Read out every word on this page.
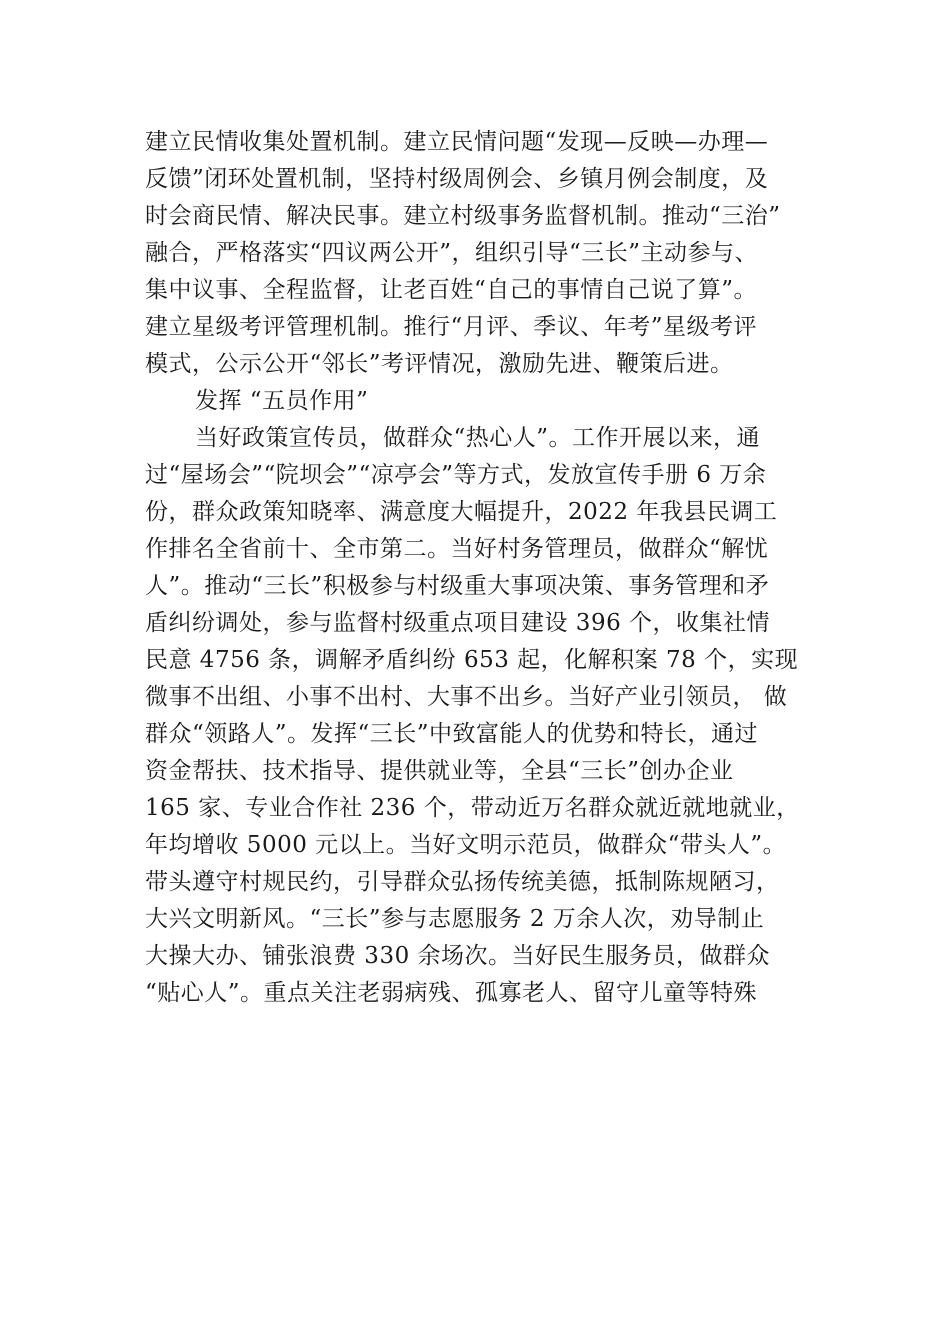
建立民情收集处置机制。建立民情问题“发现—反映—办理—
反馈”闭环处置机制，坚持村级周例会、乡镇月例会制度，及
时会商民情、解决民事。建立村级事务监督机制。推动“三治”
融合，严格落实“四议两公开”，组织引导“三长”主动参与、
集中议事、全程监督，让老百姓“自己的事情自己说了算”。
建立星级考评管理机制。推行“月评、季议、年考”星级考评
模式，公示公开“邻长”考评情况，激励先进、鞭策后进。
发挥 “五员作用”
当好政策宣传员，做群众“热心人”。工作开展以来，通
过“屋场会”“院坝会”“凉亭会”等方式，发放宣传手册 6 万余
份，群众政策知晓率、满意度大幅提升，2022 年我县民调工
作排名全省前十、全市第二。当好村务管理员，做群众“解忧
人”。推动“三长”积极参与村级重大事项决策、事务管理和矛
盾纠纷调处，参与监督村级重点项目建设 396 个，收集社情
民意 4756 条，调解矛盾纠纷 653 起，化解积案 78 个，实现
微事不出组、小事不出村、大事不出乡。当好产业引领员， 做
群众“领路人”。发挥“三长”中致富能人的优势和特长，通过
资金帮扶、技术指导、提供就业等，全县“三长”创办企业
165 家、专业合作社 236 个，带动近万名群众就近就地就业，
年均增收 5000 元以上。当好文明示范员，做群众“带头人”。
带头遵守村规民约，引导群众弘扬传统美德，抵制陈规陋习，
大兴文明新风。“三长”参与志愿服务 2 万余人次，劝导制止
大操大办、铺张浪费 330 余场次。当好民生服务员，做群众
“贴心人”。重点关注老弱病残、孤寡老人、留守儿童等特殊
